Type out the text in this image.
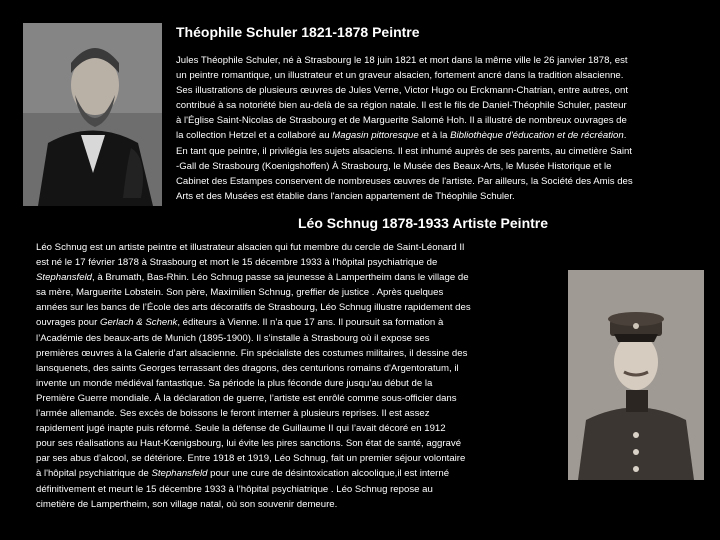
Théophile Schuler 1821-1878 Peintre

Jules Théophile Schuler, né à Strasbourg le 18 juin 1821 et mort dans la même ville le 26 janvier 1878, est
un peintre romantique, un illustrateur et un graveur alsacien, fortement ancré dans la tradition alsacienne.
Ses illustrations de plusieurs œuvres de Jules Verne, Victor Hugo ou Erckmann-Chatrian, entre autres, ont
contribué à sa notoriété bien au-delà de sa région natale. Il est le fils de Daniel-Théophile Schuler, pasteur
à l'Église Saint-Nicolas de Strasbourg et de Marguerite Salomé Hoh. Il a illustré de nombreux ouvrages de
la collection Hetzel et a collaboré au Magasin pittoresque et à la Bibliothèque d'éducation et de récréation.
En tant que peintre, il privilégia les sujets alsaciens. Il est inhumé auprès de ses parents, au cimetière Saint
-Gall de Strasbourg (Koenigshoffen) À Strasbourg, le Musée des Beaux-Arts, le Musée Historique et le
Cabinet des Estampes conservent de nombreuses œuvres de l'artiste. Par ailleurs, la Société des Amis des
Arts et des Musées est établie dans l'ancien appartement de Théophile Schuler.

Léo Schnug 1878-1933 Artiste Peintre

Léo Schnug est un artiste peintre et illustrateur alsacien qui fut membre du cercle de Saint-Léonard Il
est né le 17 février 1878 à Strasbourg et mort le 15 décembre 1933 à l'hôpital psychiatrique de
Stephansfeld, à Brumath, Bas-Rhin. Léo Schnug passe sa jeunesse à Lampertheim dans le village de
sa mère, Marguerite Lobstein. Son père, Maximilien Schnug, greffier de justice . Après quelques
années sur les bancs de l’École des arts décoratifs de Strasbourg, Léo Schnug illustre rapidement des
ouvrages pour Gerlach & Schenk, éditeurs à Vienne. Il n’a que 17 ans. Il poursuit sa formation à
l’Académie des beaux-arts de Munich (1895-1900). Il s’installe à Strasbourg où il expose ses
premières œuvres à la Galerie d’art alsacienne. Fin spécialiste des costumes militaires, il dessine des
lansquenets, des saints Georges terrassant des dragons, des centurions romains d'Argentoratum, il
invente un monde médiéval fantastique. Sa période la plus féconde dure jusqu’au début de la
Première Guerre mondiale. À la déclaration de guerre, l’artiste est enrôlé comme sous-officier dans
l’armée allemande. Ses excès de boissons le feront interner à plusieurs reprises. Il est assez
rapidement jugé inapte puis réformé. Seule la défense de Guillaume II qui l’avait décoré en 1912
pour ses réalisations au Haut-Kœnigsbourg, lui évite les pires sanctions. Son état de santé, aggravé
par ses abus d’alcool, se détériore. Entre 1918 et 1919, Léo Schnug, fait un premier séjour volontaire
à l'hôpital psychiatrique de Stephansfeld pour une cure de désintoxication alcoolique,il est interné
définitivement et meurt le 15 décembre 1933 à l’hôpital psychiatrique . Léo Schnug repose au
cimetière de Lampertheim, son village natal, où son souvenir demeure.
